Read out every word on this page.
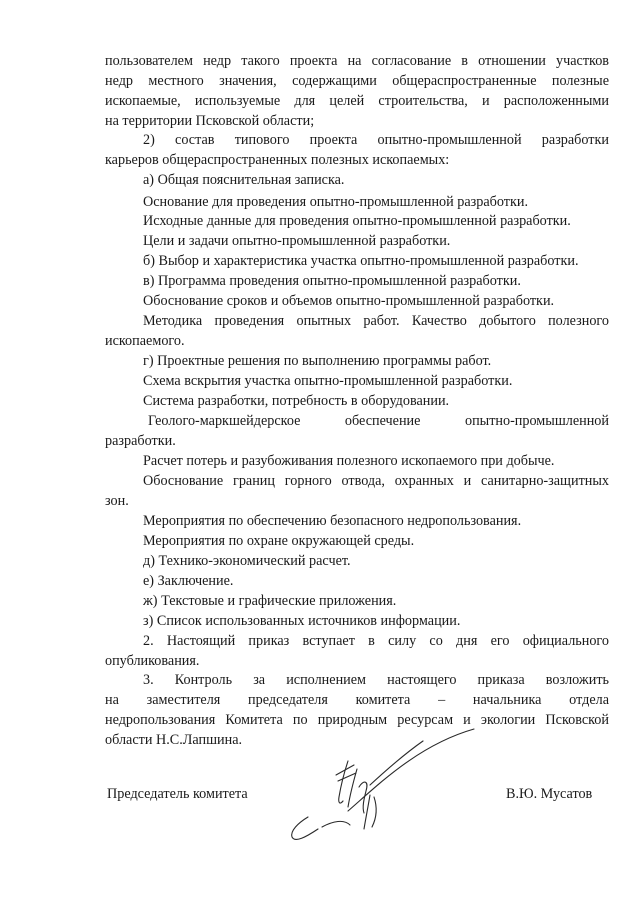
пользователем недр такого проекта на согласование в отношении участков
недр местного значения, содержащими общераспространенные полезные
ископаемые, используемые для целей строительства, и расположенными
на территории Псковской области;
2) состав типового проекта опытно-промышленной разработки
карьеров общераспространенных полезных ископаемых:
а) Общая пояснительная записка.
Основание для проведения опытно-промышленной разработки.
Исходные данные для проведения опытно-промышленной разработки.
Цели и задачи опытно-промышленной разработки.
б) Выбор и характеристика участка опытно-промышленной разработки.
в) Программа проведения опытно-промышленной разработки.
Обоснование сроков и объемов опытно-промышленной разработки.
Методика проведения опытных работ. Качество добытого полезного
ископаемого.
г) Проектные решения по выполнению программы работ.
Схема вскрытия участка опытно-промышленной разработки.
Система разработки, потребность в оборудовании.
Геолого-маркшейдерское обеспечение опытно-промышленной
разработки.
Расчет потерь и разубоживания полезного ископаемого при добыче.
Обоснование границ горного отвода, охранных и санитарно-защитных
зон.
Мероприятия по обеспечению безопасного недропользования.
Мероприятия по охране окружающей среды.
д) Технико-экономический расчет.
е) Заключение.
ж) Текстовые и графические приложения.
з) Список использованных источников информации.
2. Настоящий приказ вступает в силу со дня его официального
опубликования.
3. Контроль за исполнением настоящего приказа возложить
на заместителя председателя комитета – начальника отдела
недропользования Комитета по природным ресурсам и экологии Псковской
области Н.С.Лапшина.
Председатель комитета	В.Ю. Мусатов
